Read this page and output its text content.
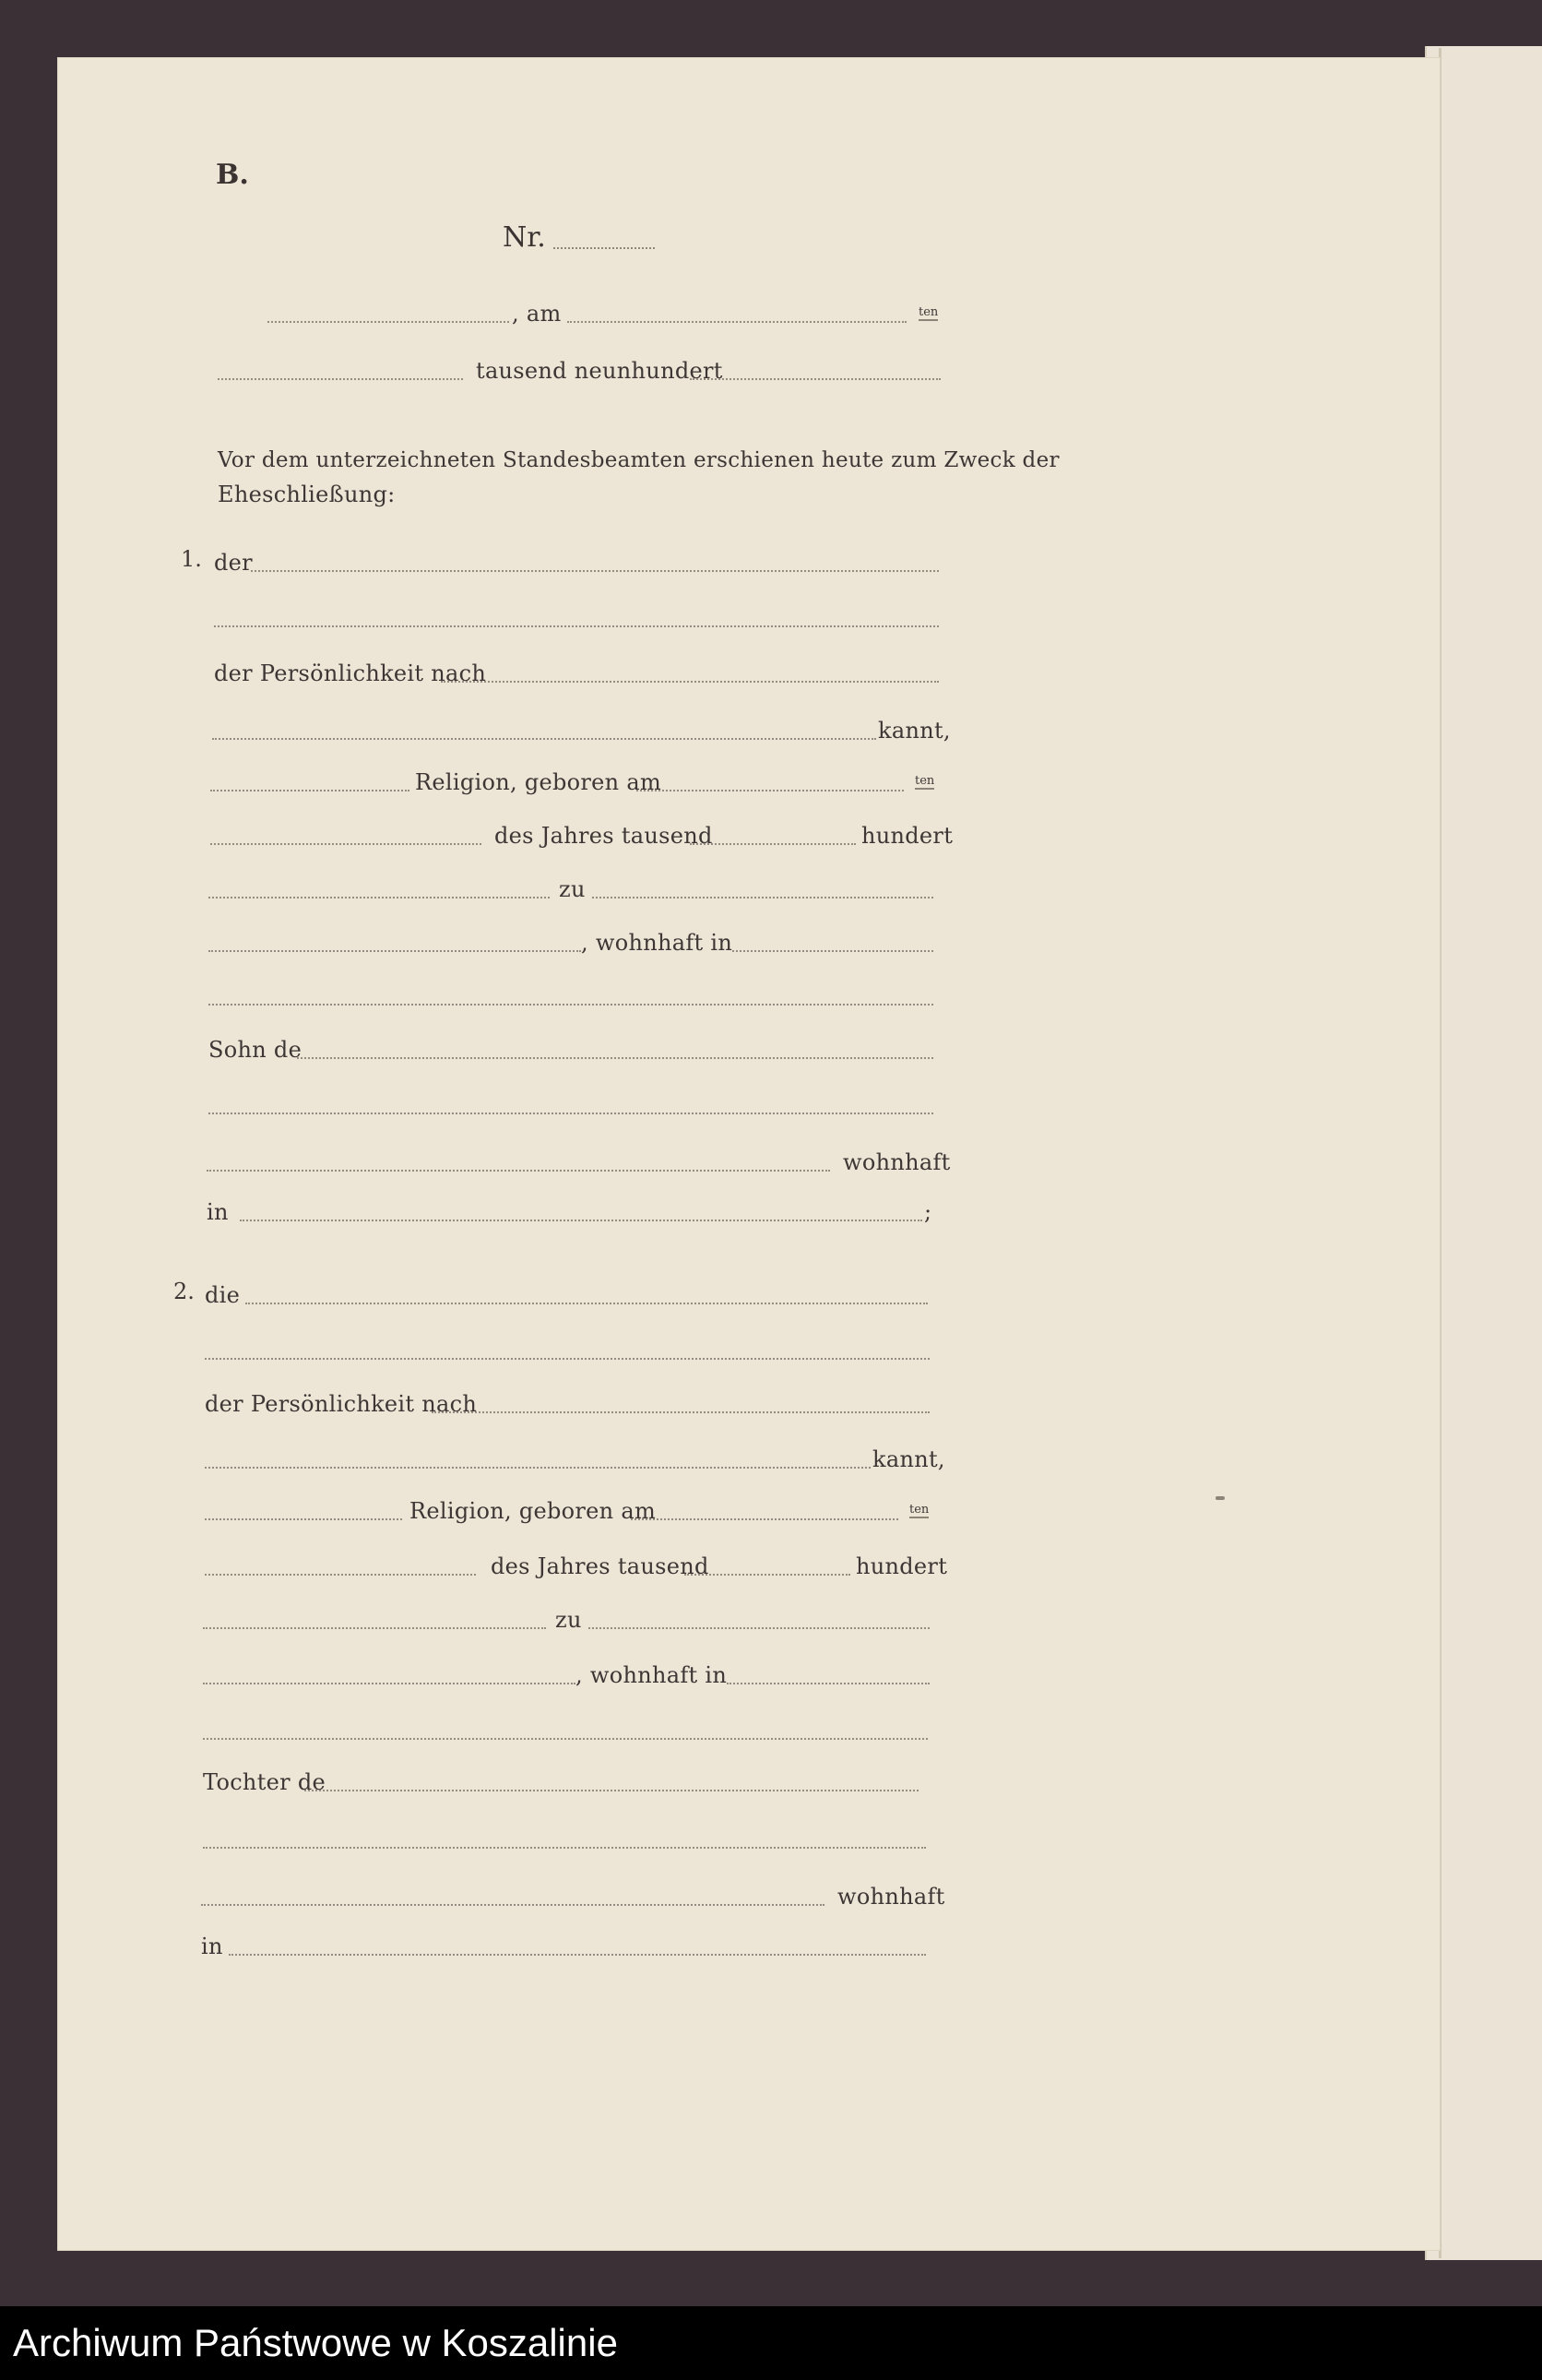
B.
Nr.
, am	ten
tausend neunhundert
Vor dem unterzeichneten Standesbeamten erschienen heute zum Zweck der
Eheschließung:
1. der
der Persönlichkeit nach
kannt,
Religion, geboren am	ten
des Jahres tausend	hundert
zu
, wohnhaft in
Sohn de
wohnhaft
in	;
2. die
der Persönlichkeit nach
kannt,
Religion, geboren am	ten
des Jahres tausend	hundert
zu
, wohnhaft in
Tochter de
wohnhaft
in
Archiwum Państwowe w Koszalinie
